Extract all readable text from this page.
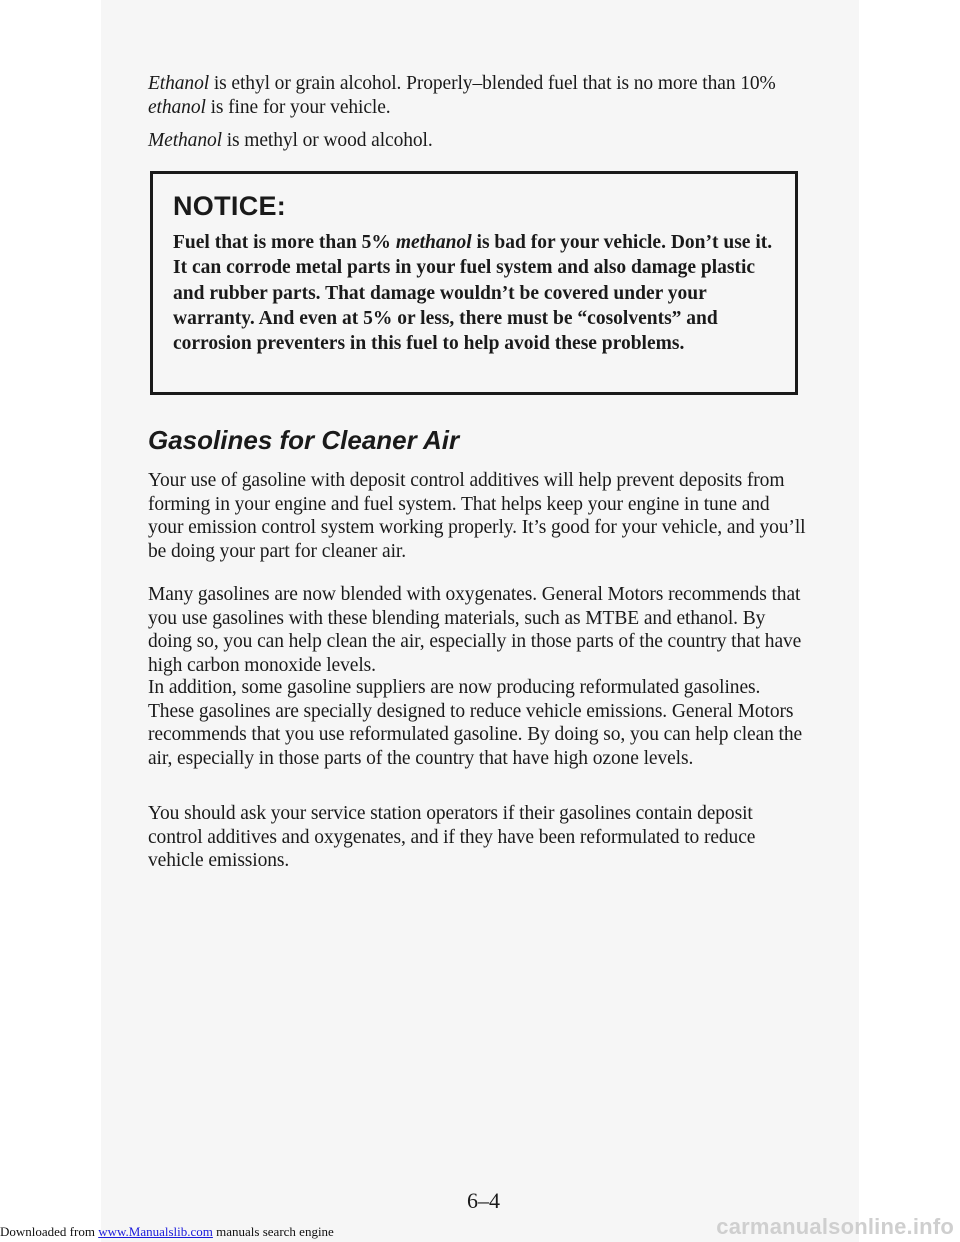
Ethanol is ethyl or grain alcohol. Properly–blended fuel that is no more than 10% ethanol is fine for your vehicle.

Methanol is methyl or wood alcohol.

NOTICE:
Fuel that is more than 5% methanol is bad for your vehicle. Don’t use it. It can corrode metal parts in your fuel system and also damage plastic and rubber parts. That damage wouldn’t be covered under your warranty. And even at 5% or less, there must be “cosolvents” and corrosion preventers in this fuel to help avoid these problems.
Gasolines for Cleaner Air
Your use of gasoline with deposit control additives will help prevent deposits from forming in your engine and fuel system. That helps keep your engine in tune and your emission control system working properly. It’s good for your vehicle, and you’ll be doing your part for cleaner air.
Many gasolines are now blended with oxygenates. General Motors recommends that you use gasolines with these blending materials, such as MTBE and ethanol. By doing so, you can help clean the air, especially in those parts of the country that have high carbon monoxide levels.
In addition, some gasoline suppliers are now producing reformulated gasolines. These gasolines are specially designed to reduce vehicle emissions. General Motors recommends that you use reformulated gasoline. By doing so, you can help clean the air, especially in those parts of the country that have high ozone levels.
You should ask your service station operators if their gasolines contain deposit control additives and oxygenates, and if they have been reformulated to reduce vehicle emissions.
6–4
Downloaded from www.Manualslib.com manuals search engine	carmanualsonline.info
